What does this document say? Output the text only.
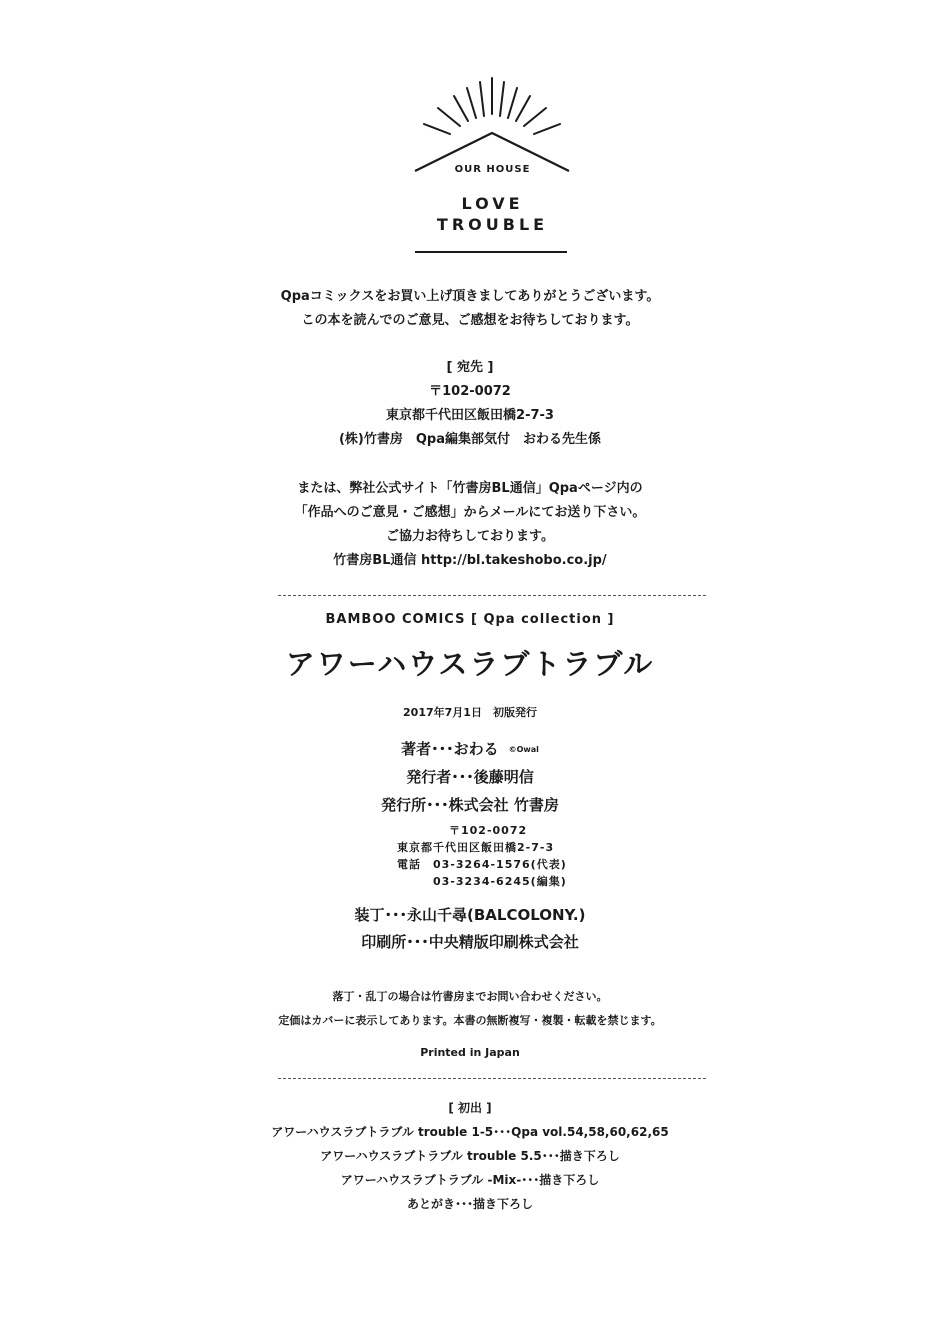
OUR HOUSE
LOVE
TROUBLE
Qpaコミックスをお買い上げ頂きましてありがとうございます。
この本を読んでのご意見、ご感想をお待ちしております。
[ 宛先 ]
〒102-0072
東京都千代田区飯田橋2-7-3
(株)竹書房　Qpa編集部気付　おわる先生係
または、弊社公式サイト「竹書房BL通信」Qpaページ内の
「作品へのご意見・ご感想」からメールにてお送り下さい。
ご協力お待ちしております。
竹書房BL通信 http://bl.takeshobo.co.jp/
BAMBOO COMICS [ Qpa collection ]
アワーハウスラブトラブル
2017年7月1日　初版発行
著者･･･おわる ©Owal
発行者･･･後藤明信
発行所･･･株式会社 竹書房
〒102-0072
東京都千代田区飯田橋2-7-3
電話　03-3264-1576(代表)
　　　03-3234-6245(編集)
装丁･･･永山千尋(BALCOLONY.)
印刷所･･･中央精版印刷株式会社
落丁・乱丁の場合は竹書房までお問い合わせください。
定価はカバーに表示してあります。本書の無断複写・複製・転載を禁じます。
Printed in Japan
[ 初出 ]
アワーハウスラブトラブル trouble 1-5･･･Qpa vol.54,58,60,62,65
アワーハウスラブトラブル trouble 5.5･･･描き下ろし
アワーハウスラブトラブル -Mix-･･･描き下ろし
あとがき･･･描き下ろし
